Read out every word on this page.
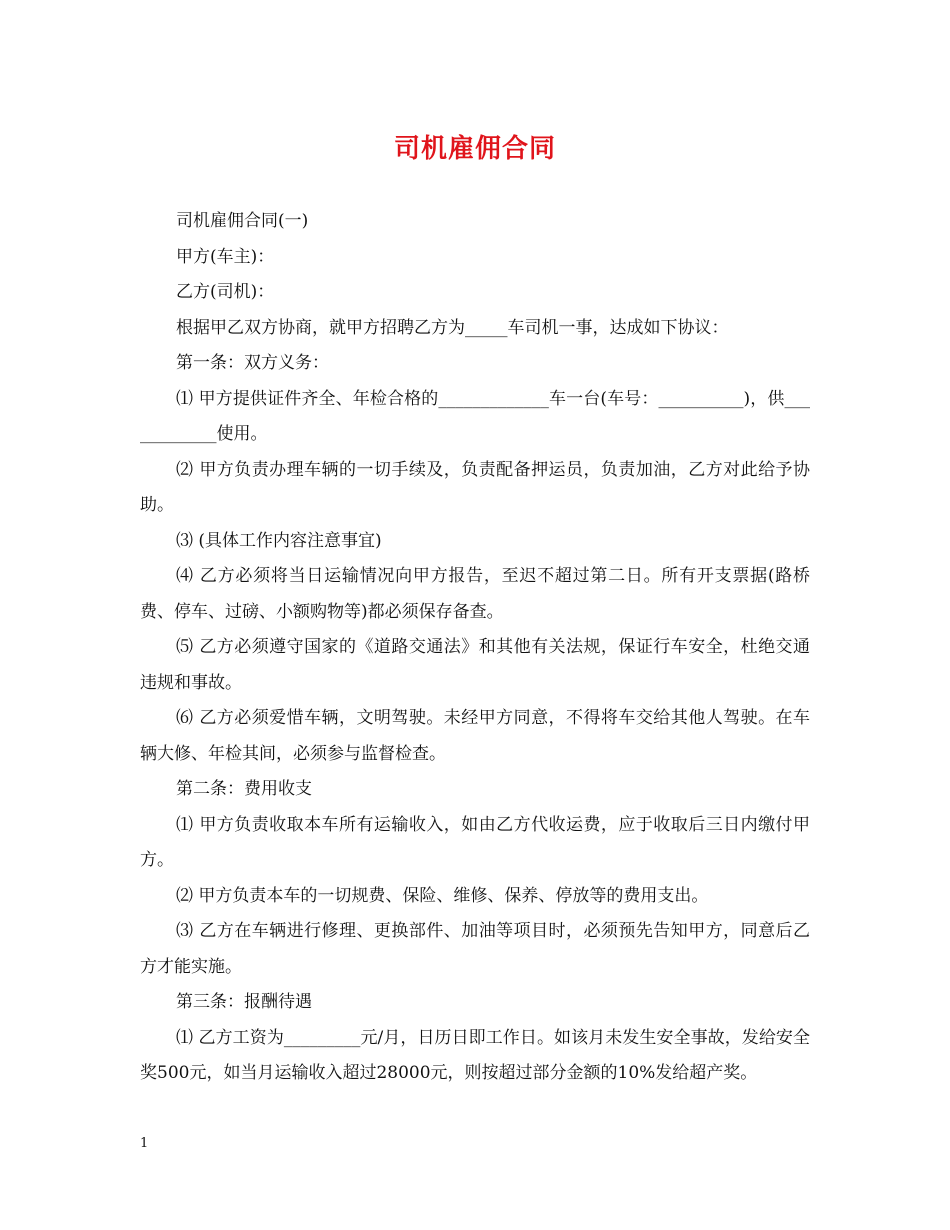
司机雇佣合同
司机雇佣合同(一)
甲方(车主)：
乙方(司机)：
根据甲乙双方协商，就甲方招聘乙方为_____车司机一事，达成如下协议：
第一条：双方义务：
⑴ 甲方提供证件齐全、年检合格的_____________车一台(车号：__________)，供____________使用。
⑵ 甲方负责办理车辆的一切手续及，负责配备押运员，负责加油，乙方对此给予协助。
⑶ (具体工作内容注意事宜)
⑷ 乙方必须将当日运输情况向甲方报告，至迟不超过第二日。所有开支票据(路桥费、停车、过磅、小额购物等)都必须保存备查。
⑸ 乙方必须遵守国家的《道路交通法》和其他有关法规，保证行车安全，杜绝交通违规和事故。
⑹ 乙方必须爱惜车辆，文明驾驶。未经甲方同意，不得将车交给其他人驾驶。在车辆大修、年检其间，必须参与监督检查。
第二条：费用收支
⑴ 甲方负责收取本车所有运输收入，如由乙方代收运费，应于收取后三日内缴付甲方。
⑵ 甲方负责本车的一切规费、保险、维修、保养、停放等的费用支出。
⑶ 乙方在车辆进行修理、更换部件、加油等项目时，必须预先告知甲方，同意后乙方才能实施。
第三条：报酬待遇
⑴ 乙方工资为_________元/月，日历日即工作日。如该月未发生安全事故，发给安全奖500元，如当月运输收入超过28000元，则按超过部分金额的10%发给超产奖。
1
